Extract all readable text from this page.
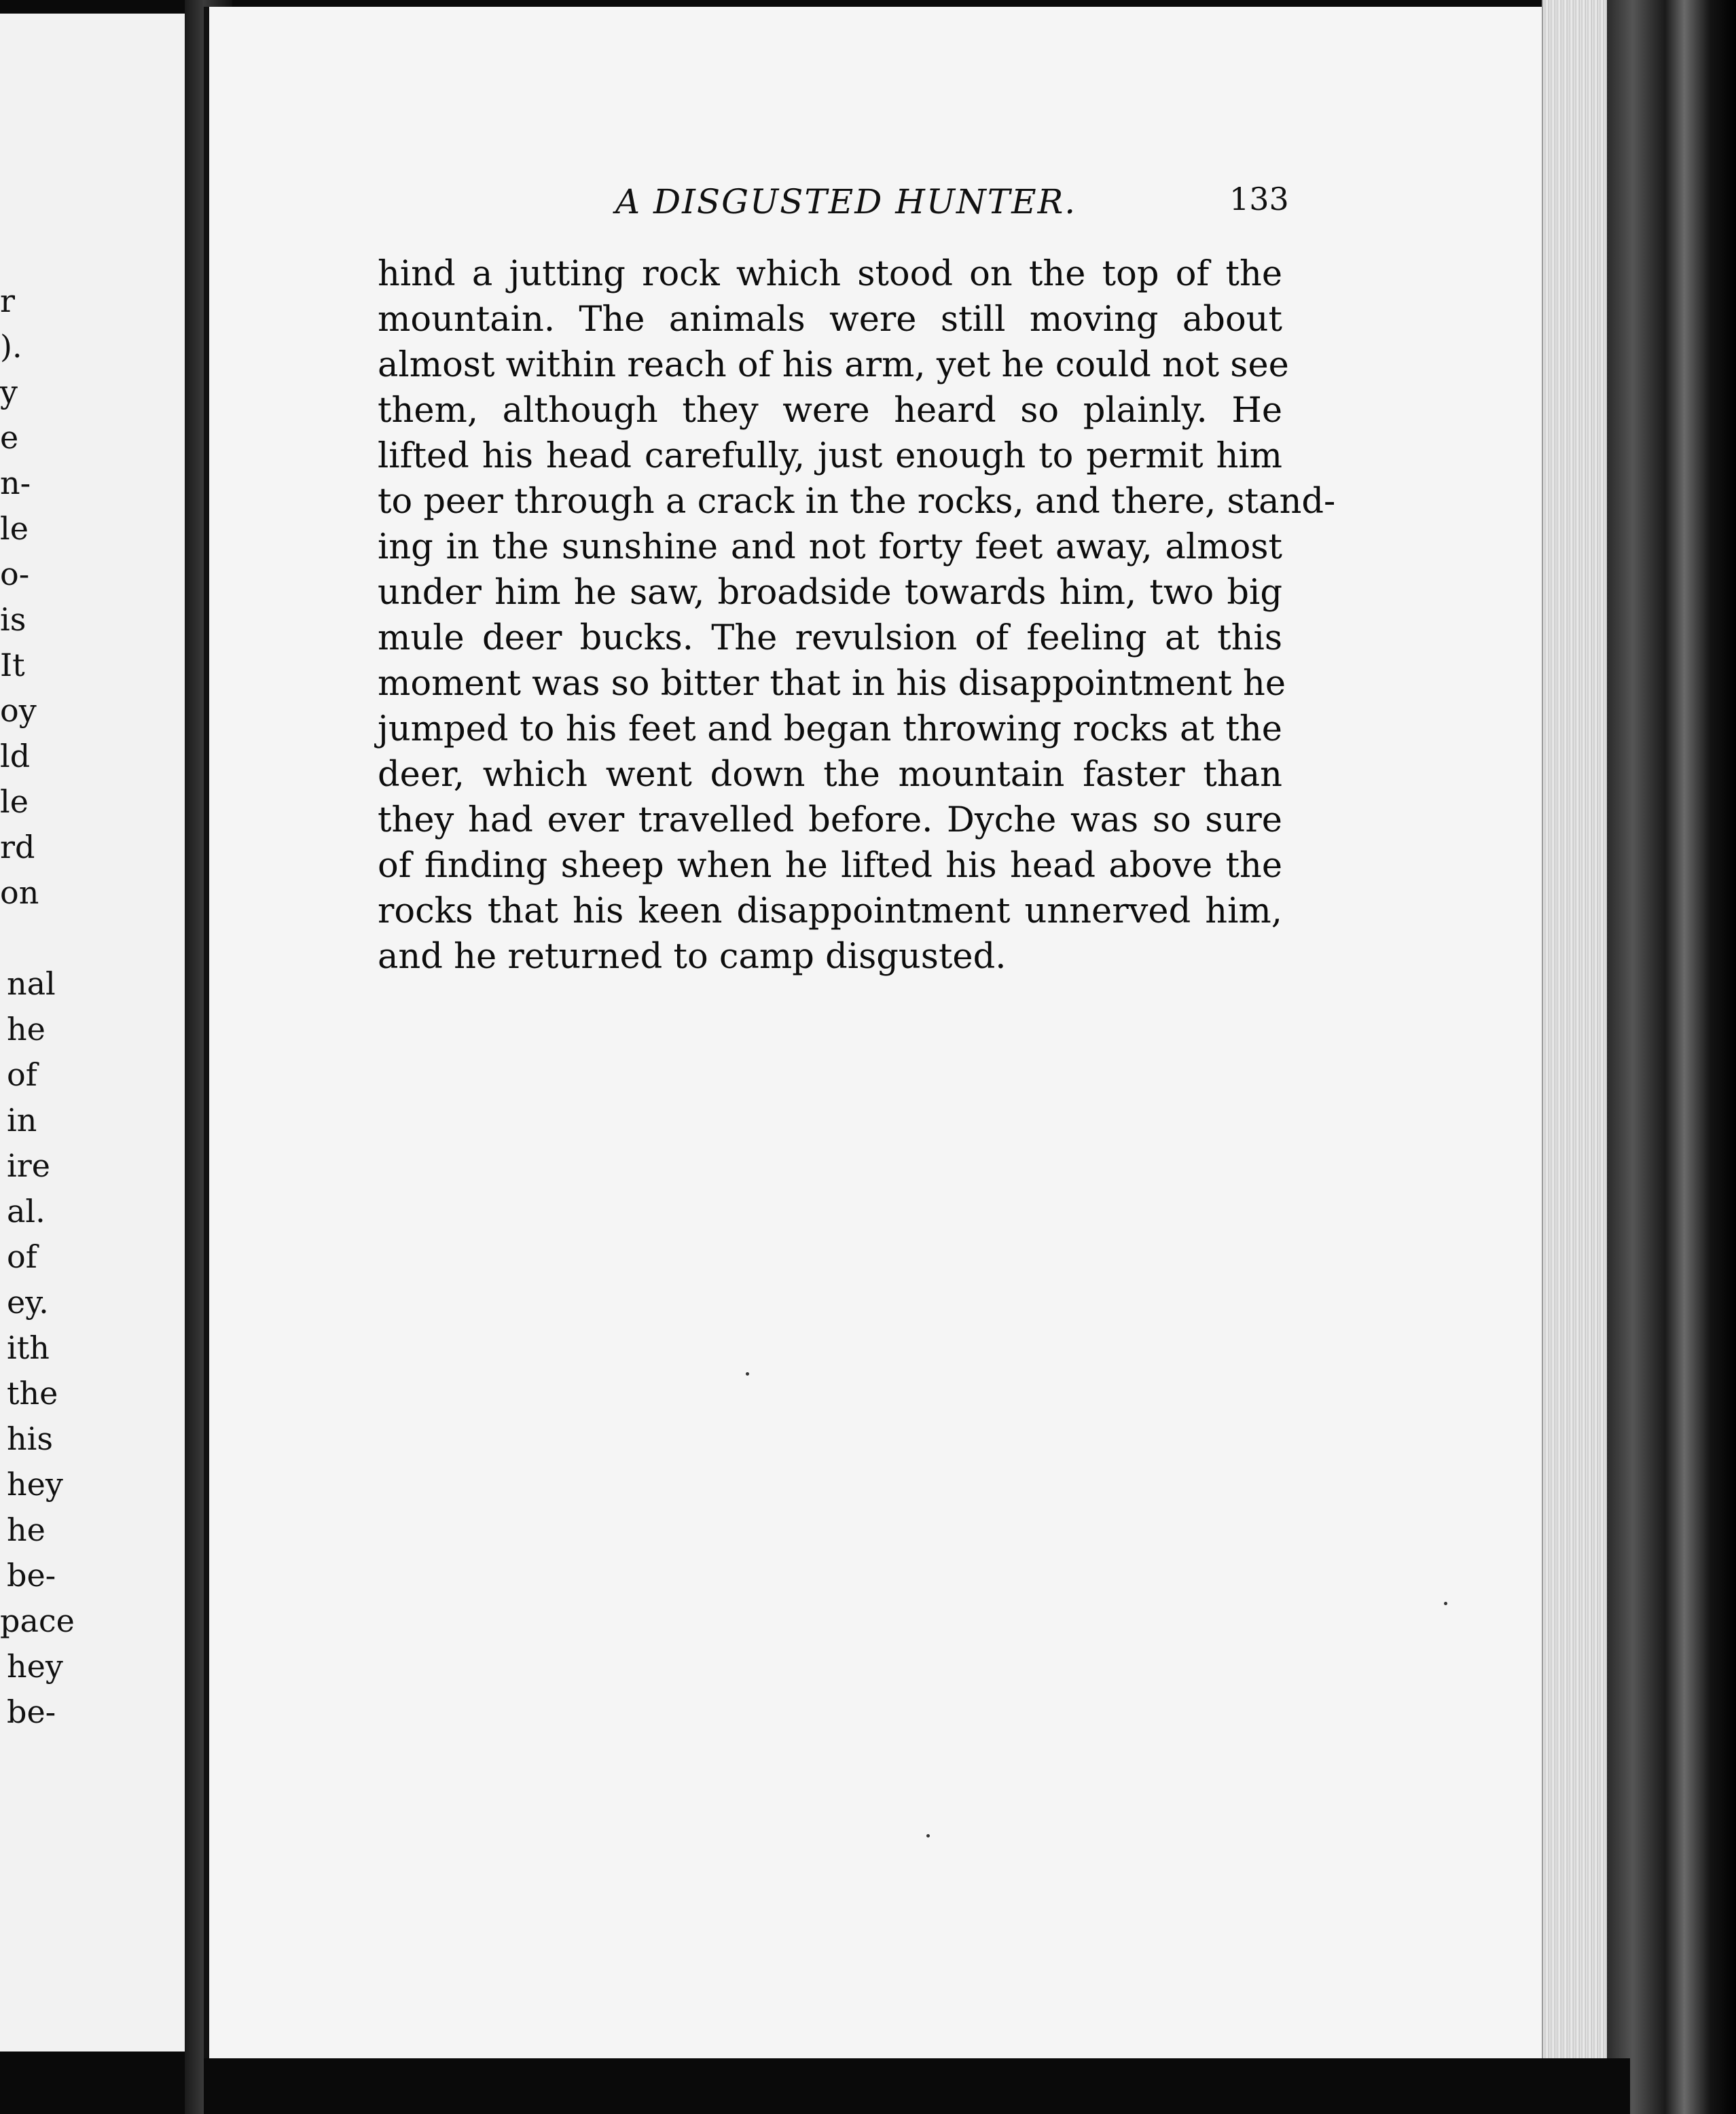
r
).
y
e
n-
le
o-
is
It
oy
ld
le
rd
on
nal
he
of
in
ire
al.
of
ey.
ith
the
his
hey
he
be-
pace
hey
be-
A DISGUSTED HUNTER.	133
hind a jutting rock which stood on the top of the
mountain. The animals were still moving about
almost within reach of his arm, yet he could not see
them, although they were heard so plainly. He
lifted his head carefully, just enough to permit him
to peer through a crack in the rocks, and there, stand-
ing in the sunshine and not forty feet away, almost
under him he saw, broadside towards him, two big
mule deer bucks. The revulsion of feeling at this
moment was so bitter that in his disappointment he
jumped to his feet and began throwing rocks at the
deer, which went down the mountain faster than
they had ever travelled before. Dyche was so sure
of finding sheep when he lifted his head above the
rocks that his keen disappointment unnerved him,
and he returned to camp disgusted.
